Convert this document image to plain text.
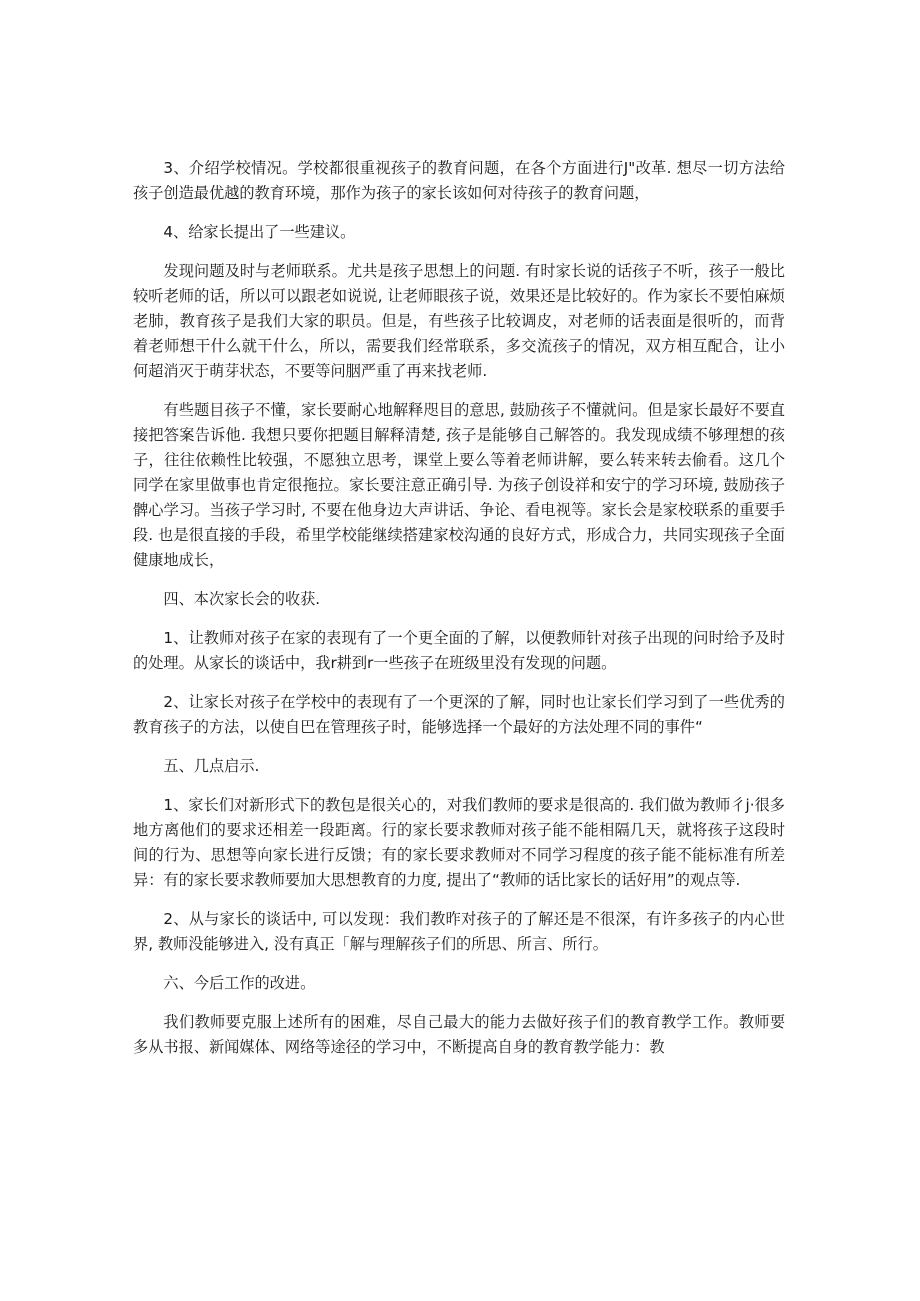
3、介绍学校情况。学校都很重视孩子的教育问题，在各个方面进行J"改革. 想尽一切方法给孩子创造最优越的教育环境，那作为孩子的家长该如何对待孩子的教育问题，

4、给家长提出了一些建议。

发现问题及时与老师联系。尤共是孩子思想上的问题. 有时家长说的话孩子不听，孩子一般比较听老师的话，所以可以跟老如说说, 让老师眼孩子说，效果还是比较好的。作为家长不要怕麻烦老肺，教育孩子是我们大家的职员。但是，有些孩子比较调皮，对老师的话表面是很听的，而背着老师想干什么就干什么，所以，需要我们经常联系，多交流孩子的情况，双方相互配合，让小何超消灭于萌芽状态，不要等问胭严重了再来找老师.

有些题目孩子不懂，家长要耐心地解释咫目的意思, 鼓励孩子不懂就问。但是家长最好不要直接把答案告诉他. 我想只要你把题目解释清楚, 孩子是能够自己解答的。我发现成绩不够理想的孩子，往往依赖性比较强，不愿独立思考，课堂上要么等着老师讲解，要么转来转去偷看。这几个同学在家里做事也肯定很拖拉。家长要注意正确引导. 为孩子创设祥和安宁的学习环境, 鼓励孩子髀心学习。当孩子学习时, 不要在他身边大声讲话、争论、看电视等。家长会是家校联系的重要手段. 也是很直接的手段，希里学校能继续搭建家校沟通的良好方式，形成合力，共同实现孩子全面健康地成长，

四、本次家长会的收获.

1、让教师对孩子在家的表现有了一个更全面的了解，以便教师针对孩子出现的问时给予及时的处理。从家长的谈话中，我r耕到r一些孩子在班级里没有发现的问题。

2、让家长对孩子在学校中的表现有了一个更深的了解，同时也让家长们学习到了一些优秀的教育孩子的方法，以使自巴在管理孩子时，能够选择一个最好的方法处理不同的事件“

五、几点启示.

1、家长们对新形式下的教包是很关心的，对我们教师的要求是很高的. 我们做为教师彳j·很多地方离他们的要求还相差一段距离。行的家长要求教师对孩子能不能相隔几天，就将孩子这段时间的行为、思想等向家长进行反馈；有的家长要求教师对不同学习程度的孩子能不能标准有所差异：有的家长要求教师要加大思想教育的力度, 提出了“教师的话比家长的话好用”的观点等.

2、从与家长的谈话中, 可以发现：我们教昨对孩子的了解还是不很深，有许多孩子的内心世界, 教师没能够进入, 没有真正「解与理解孩子们的所思、所言、所行。

六、今后工作的改进。

我们教师要克服上述所有的困难，尽自己最大的能力去做好孩子们的教育教学工作。教师要多从书报、新闻媒体、网络等途径的学习中，不断提高自身的教育教学能力：教
